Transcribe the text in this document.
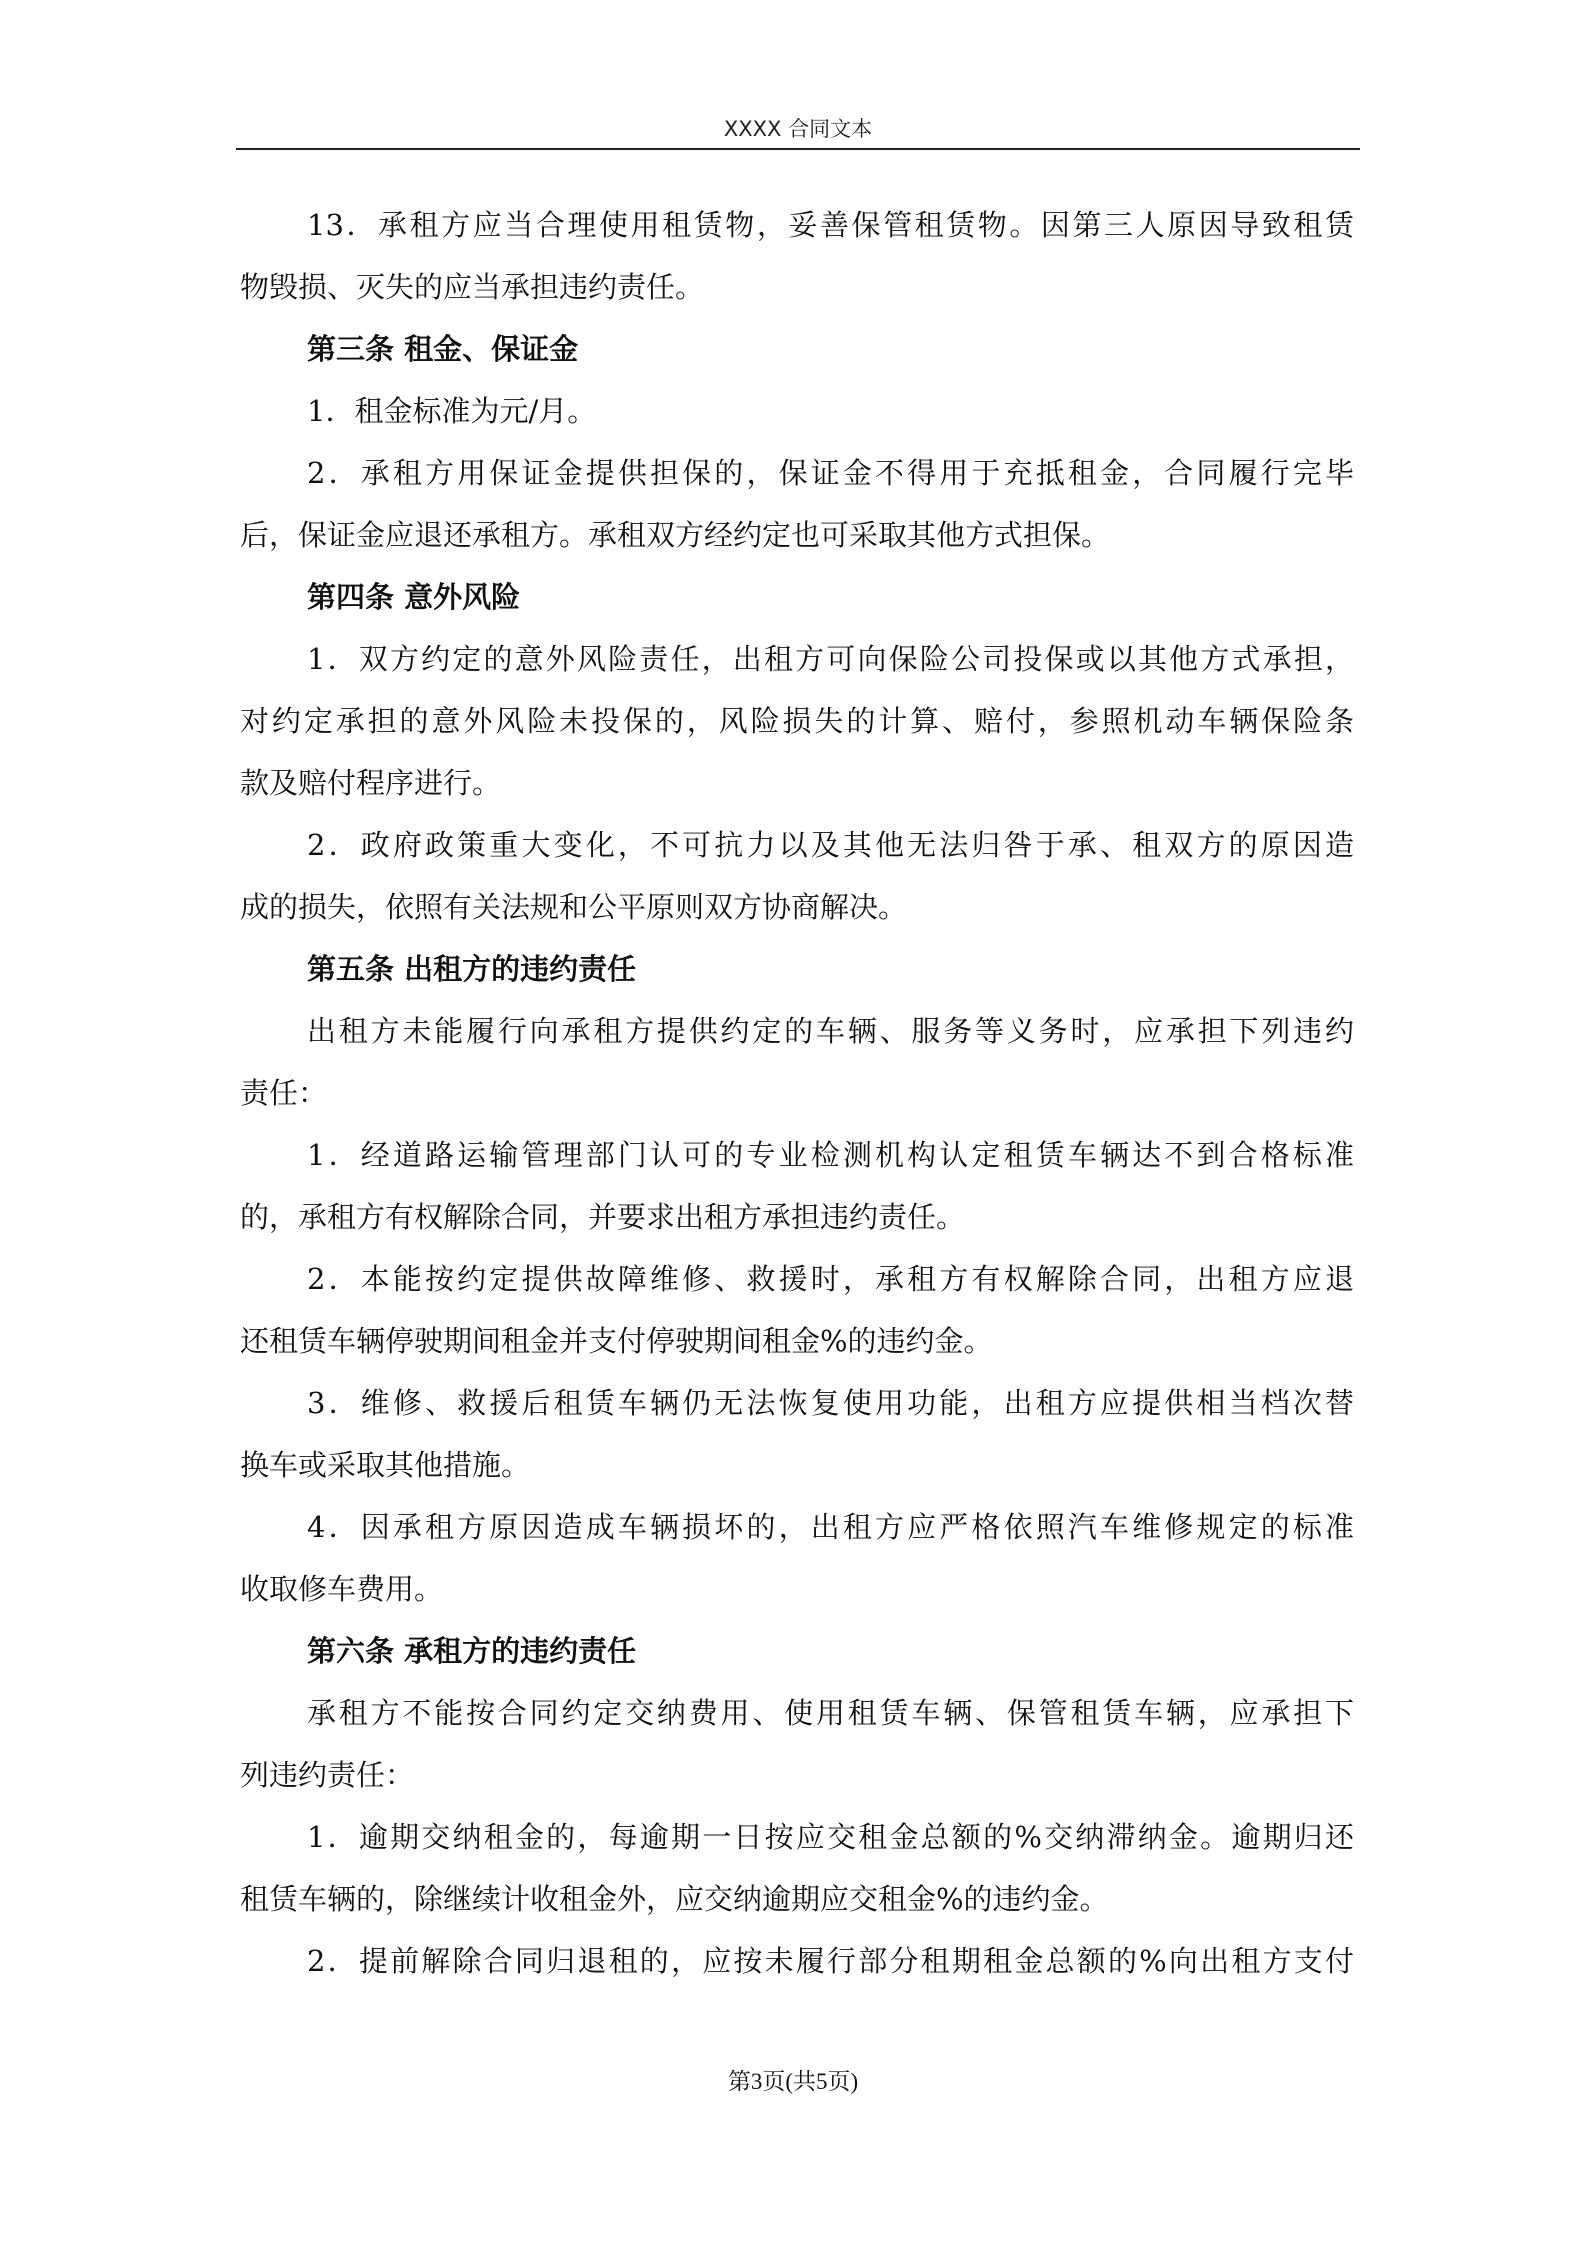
XXXX 合同文本
13．承租方应当合理使用租赁物，妥善保管租赁物。因第三人原因导致租赁
物毁损、灭失的应当承担违约责任。
第三条 租金、保证金
1．租金标准为元/月。
2．承租方用保证金提供担保的，保证金不得用于充抵租金，合同履行完毕
后，保证金应退还承租方。承租双方经约定也可采取其他方式担保。
第四条 意外风险
1．双方约定的意外风险责任，出租方可向保险公司投保或以其他方式承担，
对约定承担的意外风险未投保的，风险损失的计算、赔付，参照机动车辆保险条
款及赔付程序进行。
2．政府政策重大变化，不可抗力以及其他无法归咎于承、租双方的原因造
成的损失，依照有关法规和公平原则双方协商解决。
第五条 出租方的违约责任
出租方未能履行向承租方提供约定的车辆、服务等义务时，应承担下列违约
责任：
1．经道路运输管理部门认可的专业检测机构认定租赁车辆达不到合格标准
的，承租方有权解除合同，并要求出租方承担违约责任。
2．本能按约定提供故障维修、救援时，承租方有权解除合同，出租方应退
还租赁车辆停驶期间租金并支付停驶期间租金%的违约金。
3．维修、救援后租赁车辆仍无法恢复使用功能，出租方应提供相当档次替
换车或采取其他措施。
4．因承租方原因造成车辆损坏的，出租方应严格依照汽车维修规定的标准
收取修车费用。
第六条 承租方的违约责任
承租方不能按合同约定交纳费用、使用租赁车辆、保管租赁车辆，应承担下
列违约责任：
1．逾期交纳租金的，每逾期一日按应交租金总额的%交纳滞纳金。逾期归还
租赁车辆的，除继续计收租金外，应交纳逾期应交租金%的违约金。
2．提前解除合同归退租的，应按未履行部分租期租金总额的%向出租方支付
第3页(共5页)
